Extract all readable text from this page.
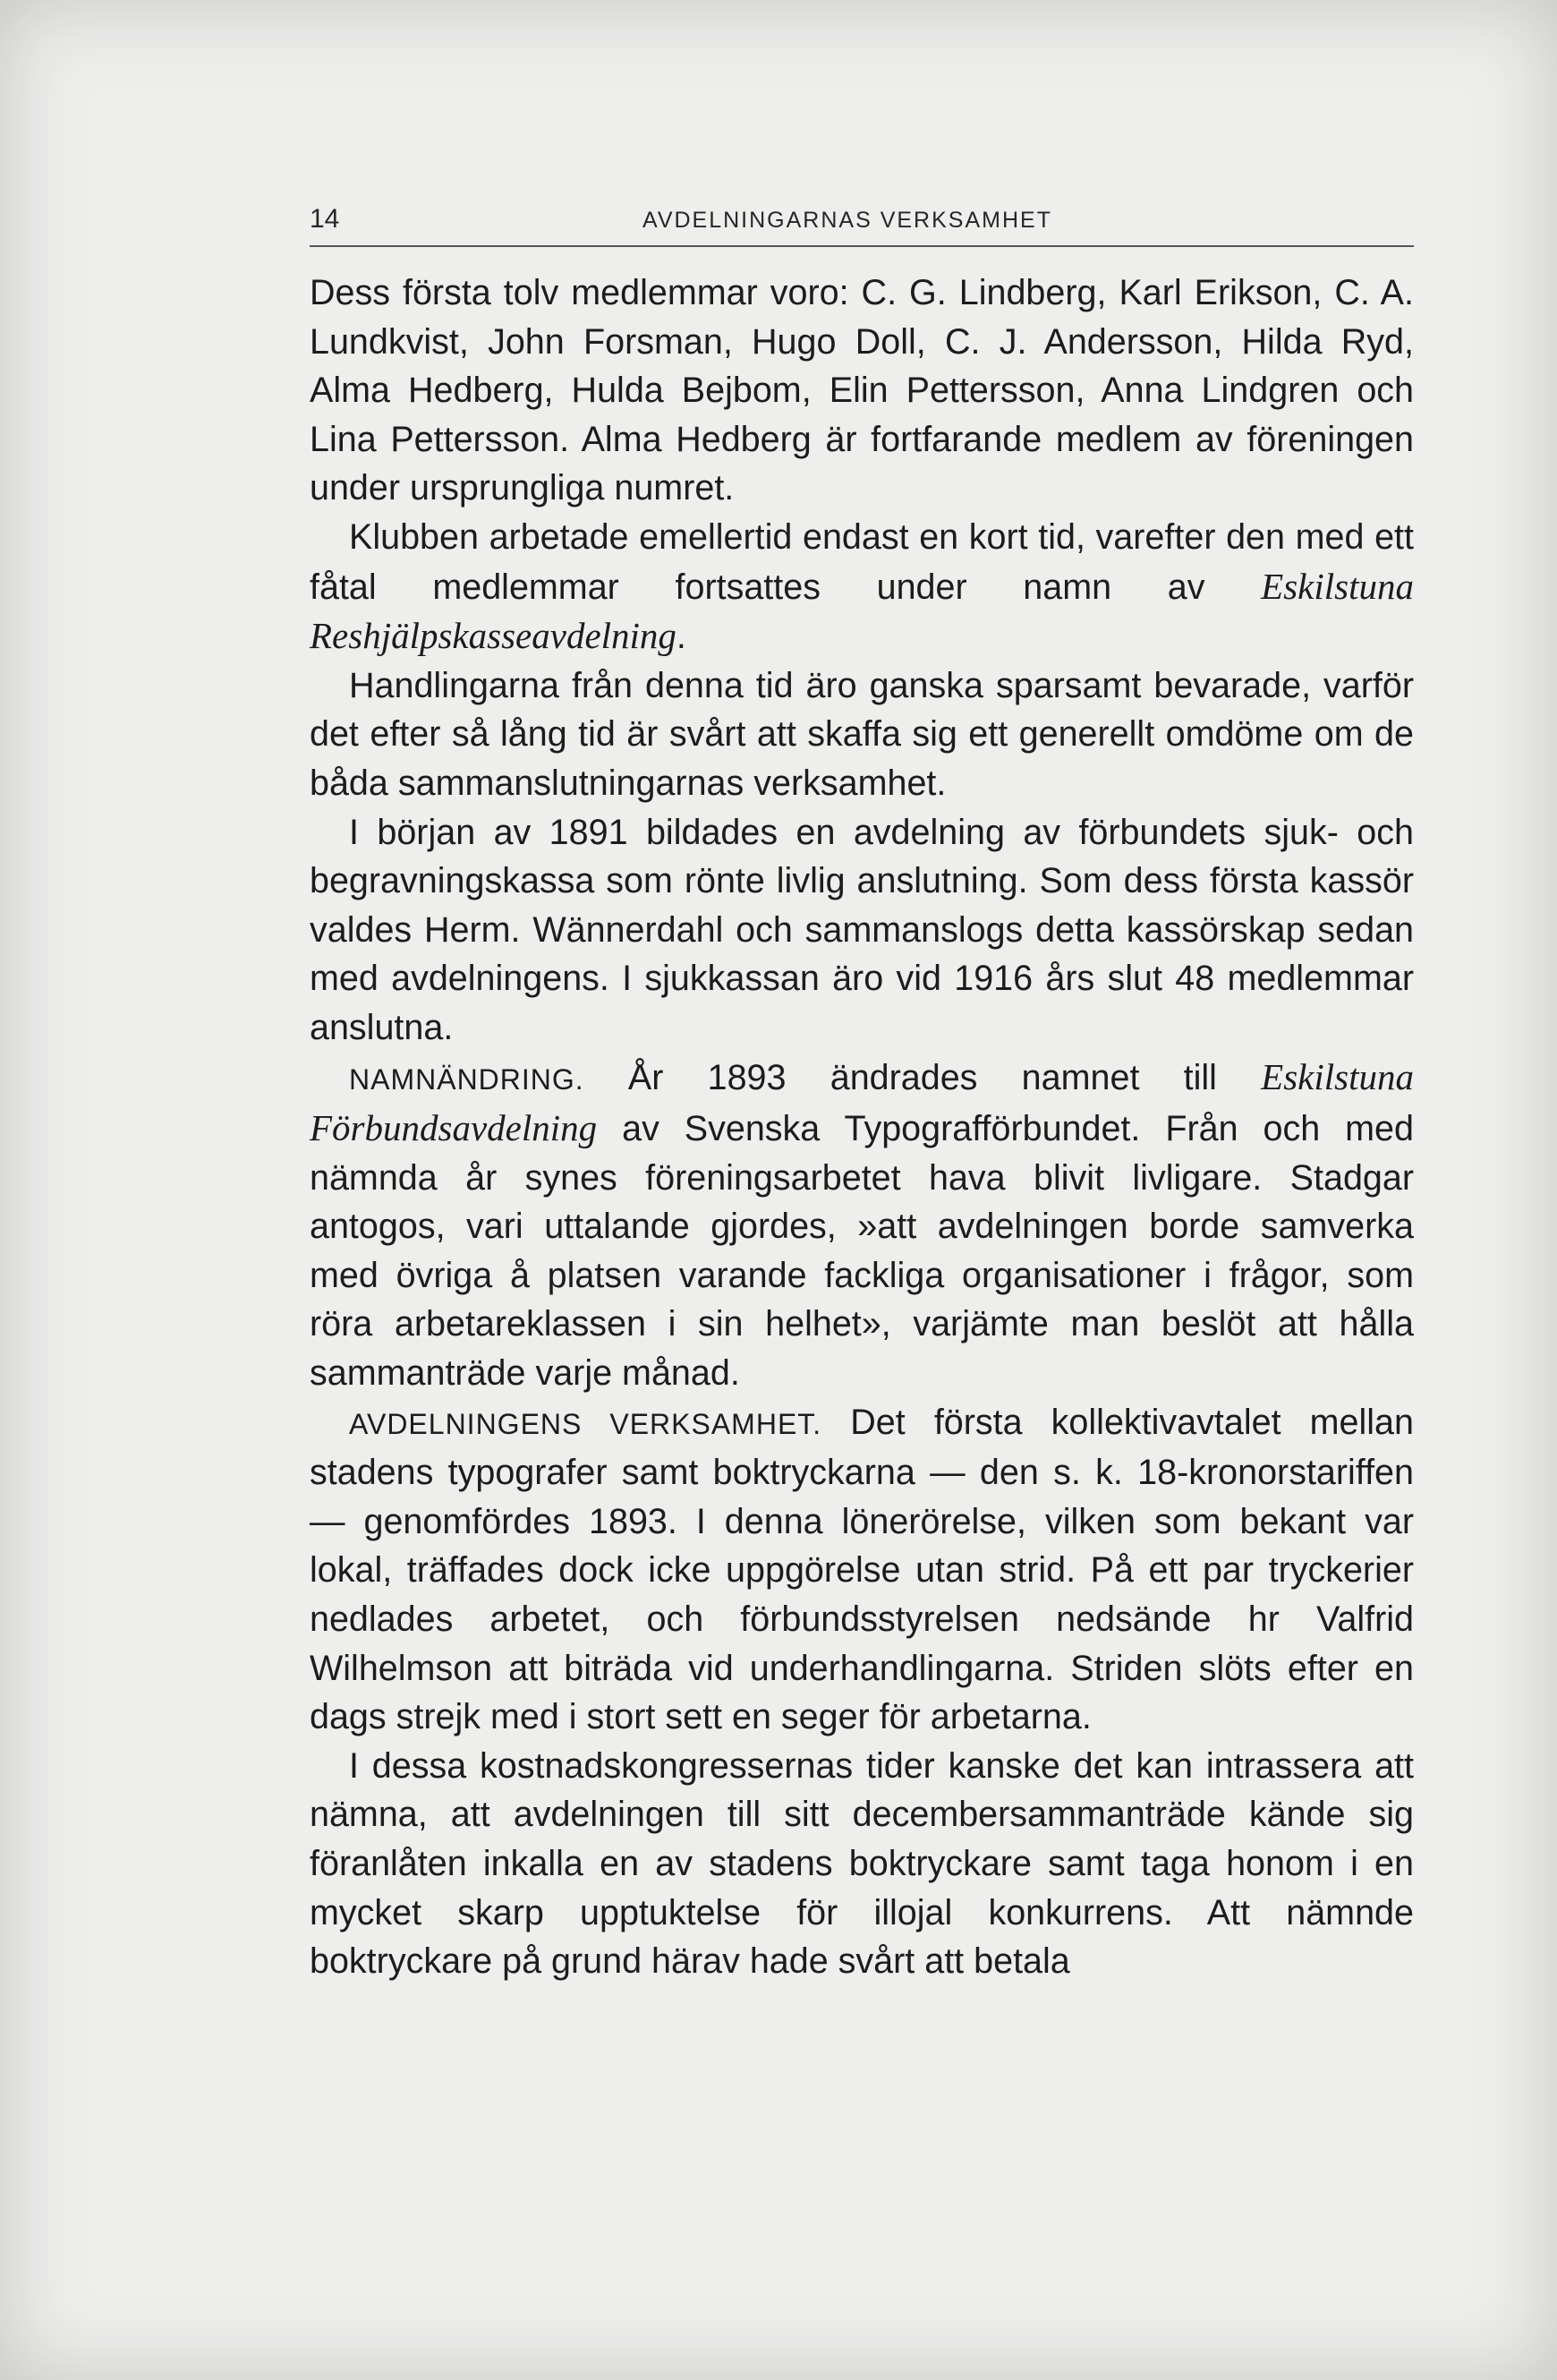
14	AVDELNINGARNAS VERKSAMHET

Dess första tolv medlemmar voro: C. G. Lindberg, Karl Erikson, C. A. Lundkvist, John Forsman, Hugo Doll, C. J. Andersson, Hilda Ryd, Alma Hedberg, Hulda Bejbom, Elin Pettersson, Anna Lindgren och Lina Pettersson. Alma Hedberg är fortfarande medlem av föreningen under ursprungliga numret.

Klubben arbetade emellertid endast en kort tid, varefter den med ett fåtal medlemmar fortsattes under namn av Eskilstuna Reshjälpskasseavdelning.

Handlingarna från denna tid äro ganska sparsamt bevarade, varför det efter så lång tid är svårt att skaffa sig ett generellt omdöme om de båda sammanslutningarnas verksamhet.

I början av 1891 bildades en avdelning av förbundets sjuk- och begravningskassa som rönte livlig anslutning. Som dess första kassör valdes Herm. Wännerdahl och sammanslogs detta kassörskap sedan med avdelningens. I sjukkassan äro vid 1916 års slut 48 medlemmar anslutna.

NAMNÄNDRING. År 1893 ändrades namnet till Eskilstuna Förbundsavdelning av Svenska Typografförbundet. Från och med nämnda år synes föreningsarbetet hava blivit livligare. Stadgar antogos, vari uttalande gjordes, »att avdelningen borde samverka med övriga å platsen varande fackliga organisationer i frågor, som röra arbetareklassen i sin helhet», varjämte man beslöt att hålla sammanträde varje månad.

AVDELNINGENS VERKSAMHET. Det första kollektivavtalet mellan stadens typografer samt boktryckarna — den s. k. 18-kronorstariffen — genomfördes 1893. I denna lönerörelse, vilken som bekant var lokal, träffades dock icke uppgörelse utan strid. På ett par tryckerier nedlades arbetet, och förbundsstyrelsen nedsände hr Valfrid Wilhelmson att biträda vid underhandlingarna. Striden slöts efter en dags strejk med i stort sett en seger för arbetarna.

I dessa kostnadskongressernas tider kanske det kan intrassera att nämna, att avdelningen till sitt decembersammanträde kände sig föranlåten inkalla en av stadens boktryckare samt taga honom i en mycket skarp upptuktelse för illojal konkurrens. Att nämnde boktryckare på grund härav hade svårt att betala
